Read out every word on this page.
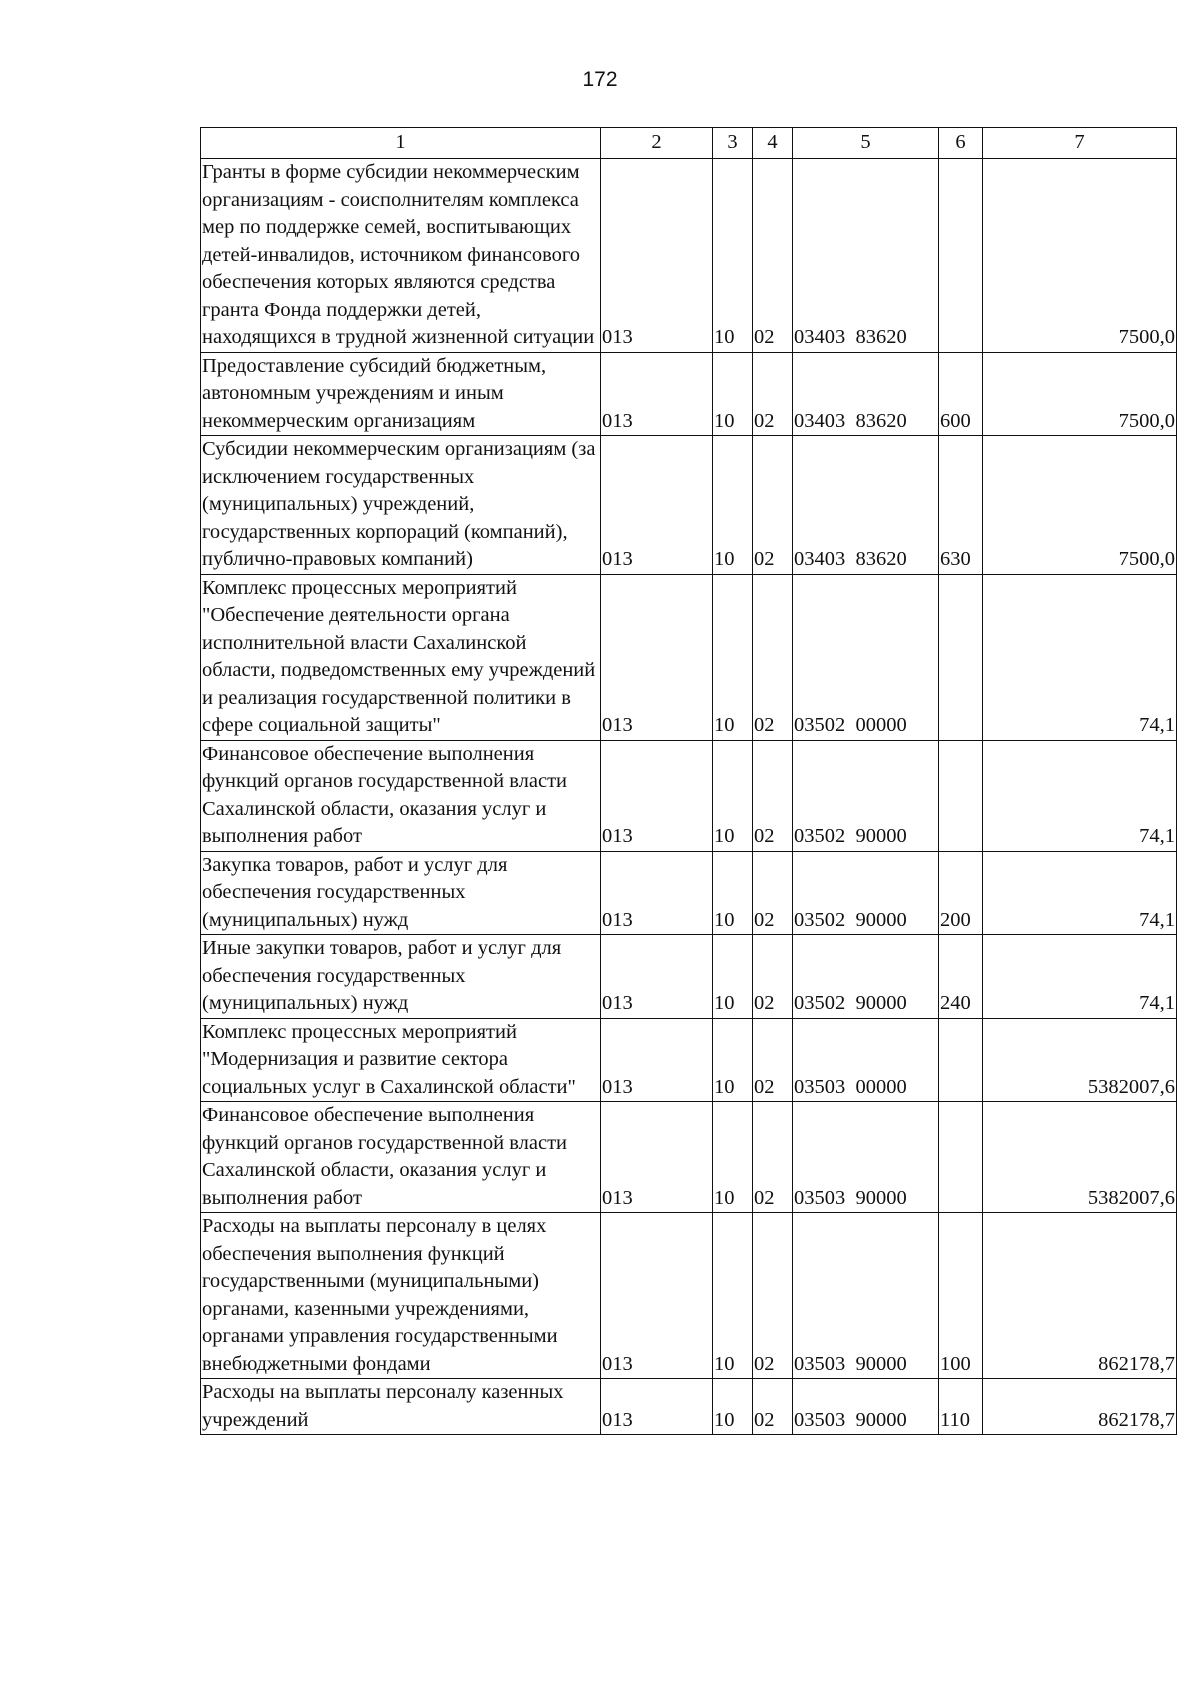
172
1	2	3	4	5	6	7
Гранты в форме субсидии некоммерческим организациям - соисполнителям комплекса мер по поддержке семей, воспитывающих детей-инвалидов, источником финансового обеспечения которых являются средства гранта Фонда поддержки детей, находящихся в трудной жизненной ситуации	013	10	02	03403  83620		7500,0
Предоставление субсидий бюджетным, автономным учреждениям и иным некоммерческим организациям	013	10	02	03403  83620	600	7500,0
Субсидии некоммерческим организациям (за исключением государственных (муниципальных) учреждений, государственных корпораций (компаний), публично-правовых компаний)	013	10	02	03403  83620	630	7500,0
Комплекс процессных мероприятий "Обеспечение деятельности органа исполнительной власти Сахалинской области, подведомственных ему учреждений и реализация государственной политики в сфере социальной защиты"	013	10	02	03502  00000		74,1
Финансовое обеспечение выполнения функций органов государственной власти Сахалинской области, оказания услуг и выполнения работ	013	10	02	03502  90000		74,1
Закупка товаров, работ и услуг для обеспечения государственных (муниципальных) нужд	013	10	02	03502  90000	200	74,1
Иные закупки товаров, работ и услуг для обеспечения государственных (муниципальных) нужд	013	10	02	03502  90000	240	74,1
Комплекс процессных мероприятий "Модернизация и развитие сектора социальных услуг в Сахалинской области"	013	10	02	03503  00000		5382007,6
Финансовое обеспечение выполнения функций органов государственной власти Сахалинской области, оказания услуг и выполнения работ	013	10	02	03503  90000		5382007,6
Расходы на выплаты персоналу в целях обеспечения выполнения функций государственными (муниципальными) органами, казенными учреждениями, органами управления государственными внебюджетными фондами	013	10	02	03503  90000	100	862178,7
Расходы на выплаты персоналу казенных учреждений	013	10	02	03503  90000	110	862178,7
